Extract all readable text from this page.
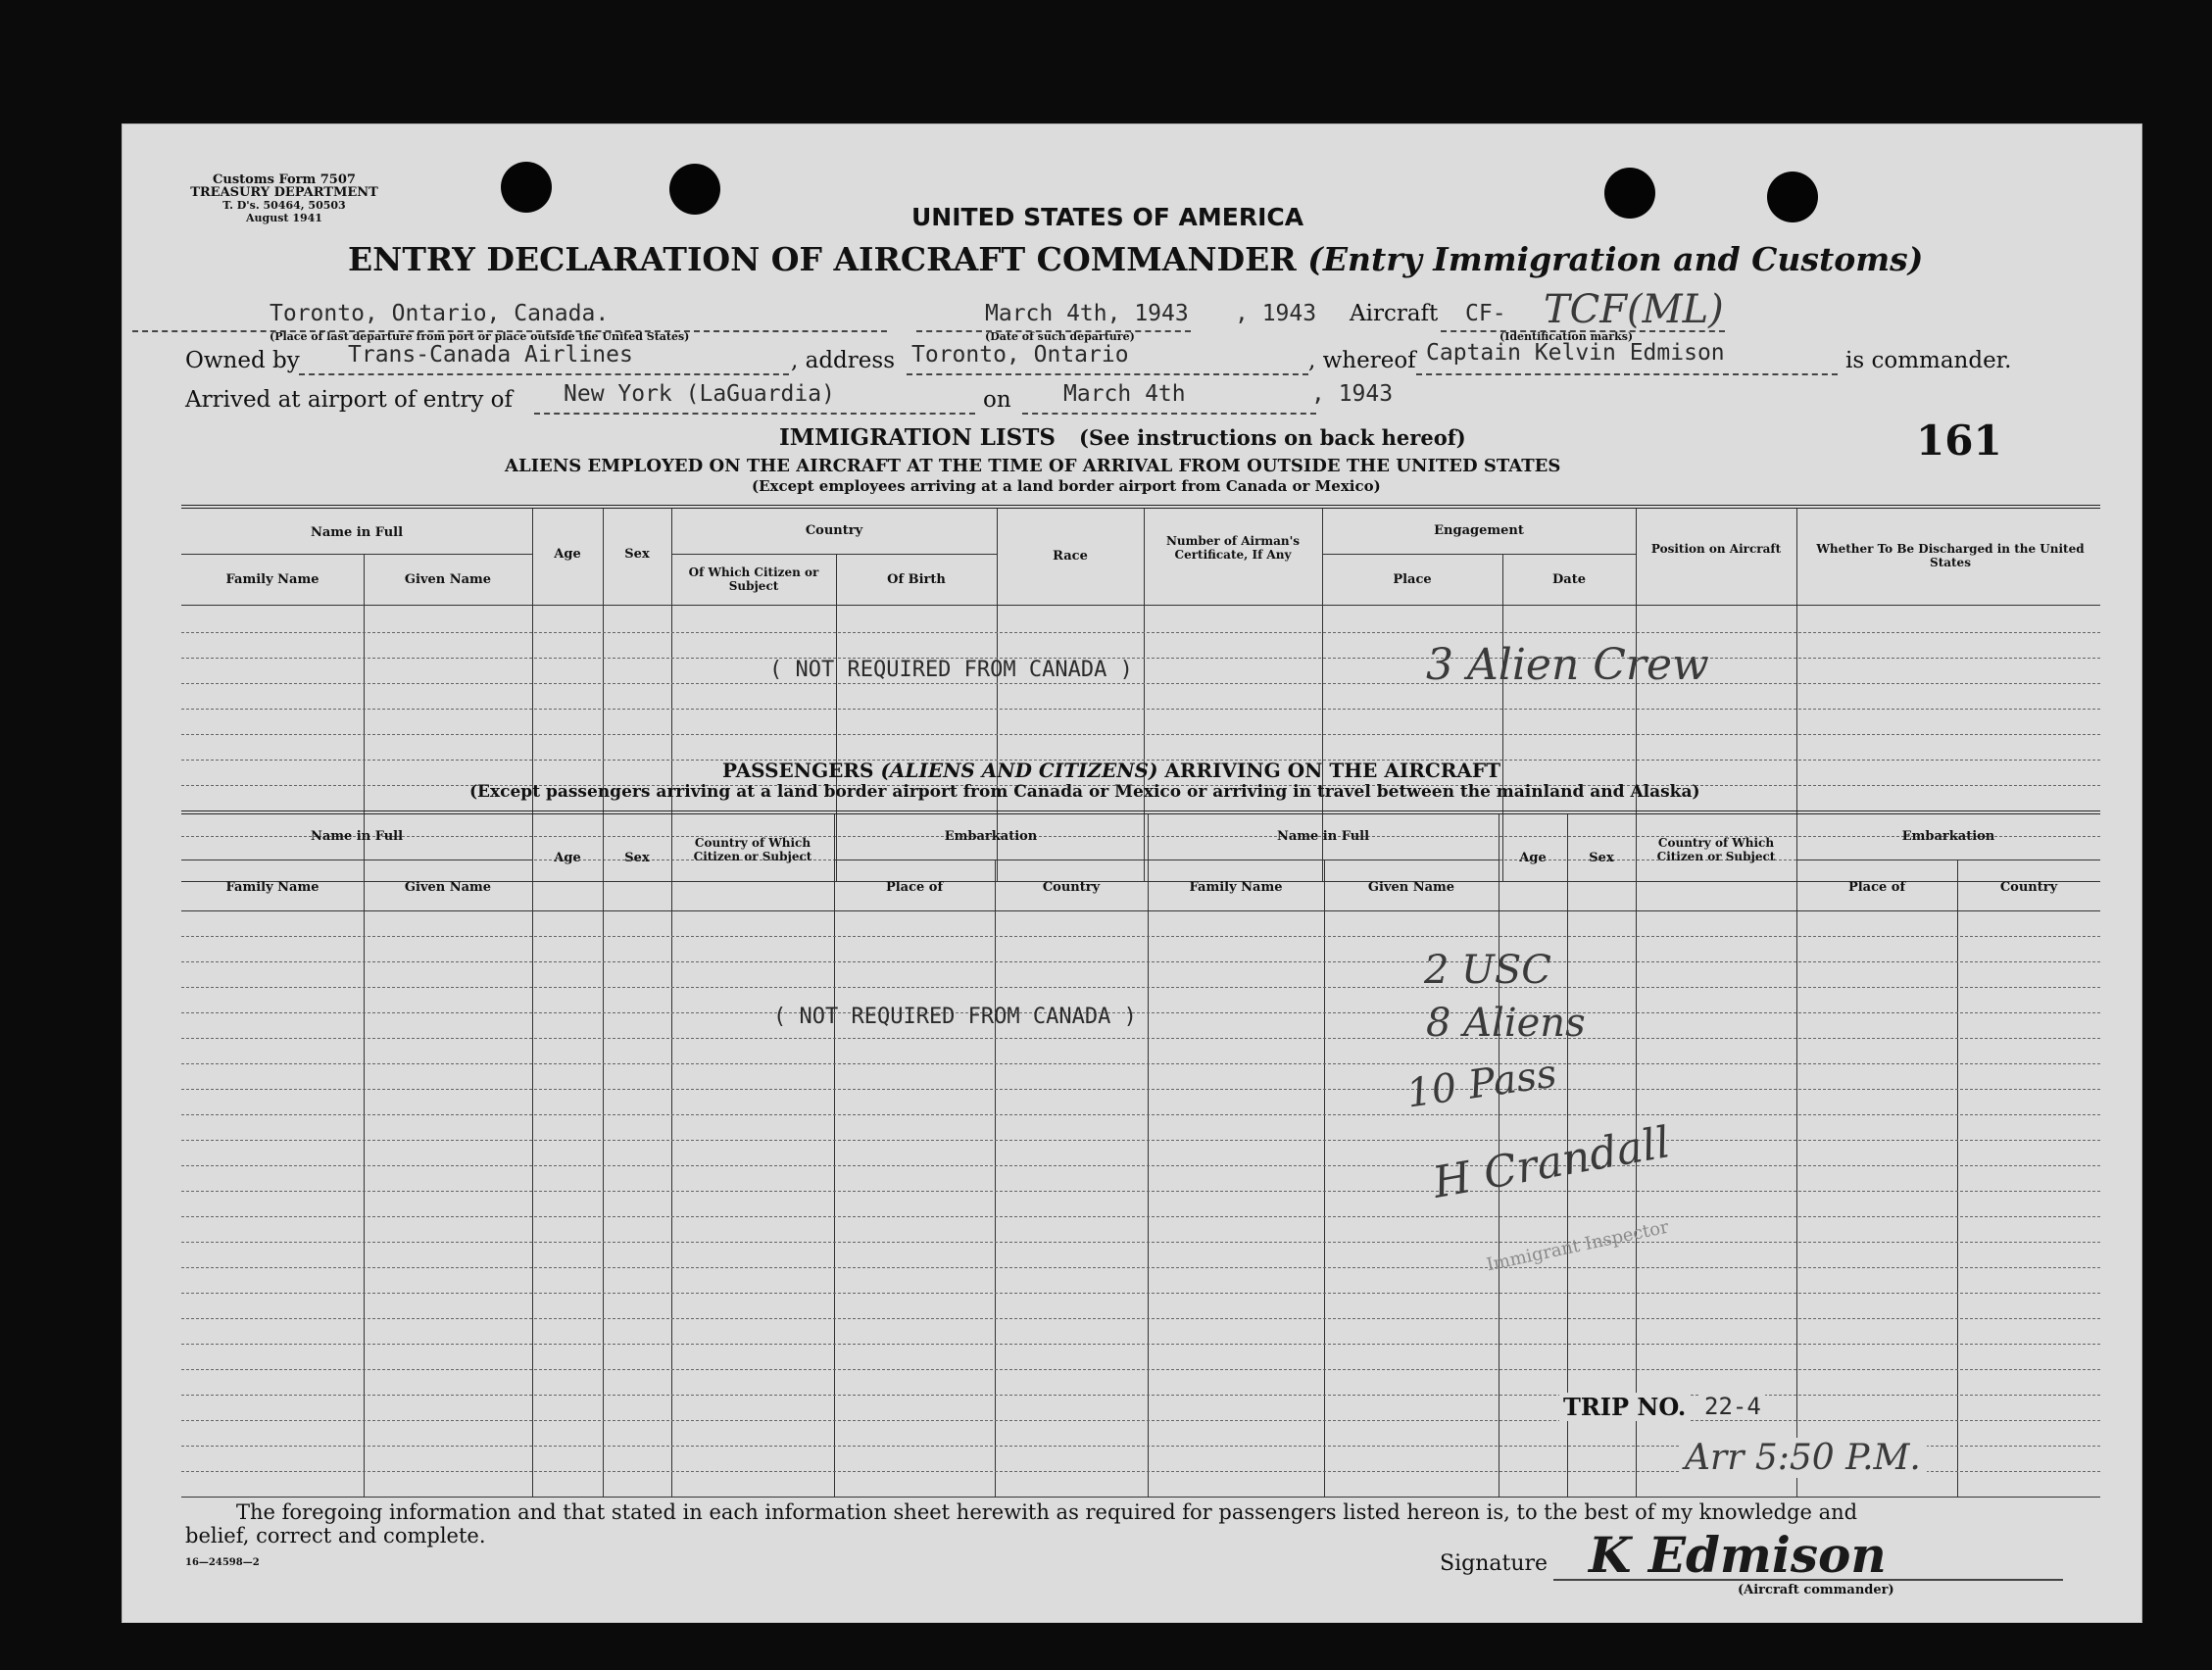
Customs Form 7507
TREASURY DEPARTMENT
T. D's. 50464, 50503
August 1941	UNITED STATES OF AMERICA
ENTRY DECLARATION OF AIRCRAFT COMMANDER (Entry Immigration and Customs)
Toronto, Ontario, Canada.
(Place of last departure from port or place outside the United States)
March 4th, 1943 , 1943
(Date of such departure)
Aircraft CF- TCF(ML)
(Identification marks)
Owned by Trans-Canada Airlines	, address Toronto, Ontario	, whereof Captain Kelvin Edmison	is commander.
Arrived at airport of entry of New York (LaGuardia)	on March 4th	, 1943
161
IMMIGRATION LISTS (See instructions on back hereof)
ALIENS EMPLOYED ON THE AIRCRAFT AT THE TIME OF ARRIVAL FROM OUTSIDE THE UNITED STATES
(Except employees arriving at a land border airport from Canada or Mexico)
Name in Full
Family Name	Given Name
Age	Sex
Country
Of Which Citizen or Subject	Of Birth
Race
Number of Airman's Certificate, If Any
Engagement
Place	Date
Position on Aircraft	Whether To Be Discharged in the United States
( NOT REQUIRED FROM CANADA )	3 Alien Crew
PASSENGERS (ALIENS AND CITIZENS) ARRIVING ON THE AIRCRAFT
(Except passengers arriving at a land border airport from Canada or Mexico or arriving in travel between the mainland and Alaska)
Name in Full
Family Name	Given Name
Age	Sex
Country of Which Citizen or Subject
Embarkation
Place of	Country
Name in Full
Family Name	Given Name
Age	Sex
Country of Which Citizen or Subject
Embarkation
Place of	Country
( NOT REQUIRED FROM CANADA )
2 USC
8 Aliens
10 Pass
H Crandall
Immigrant Inspector
TRIP NO. 22-4
Arr 5:50 P.M.
The foregoing information and that stated in each information sheet herewith as required for passengers listed hereon is, to the best of my knowledge and
belief, correct and complete.
16—24598—2	Signature K Edmison
(Aircraft commander)
